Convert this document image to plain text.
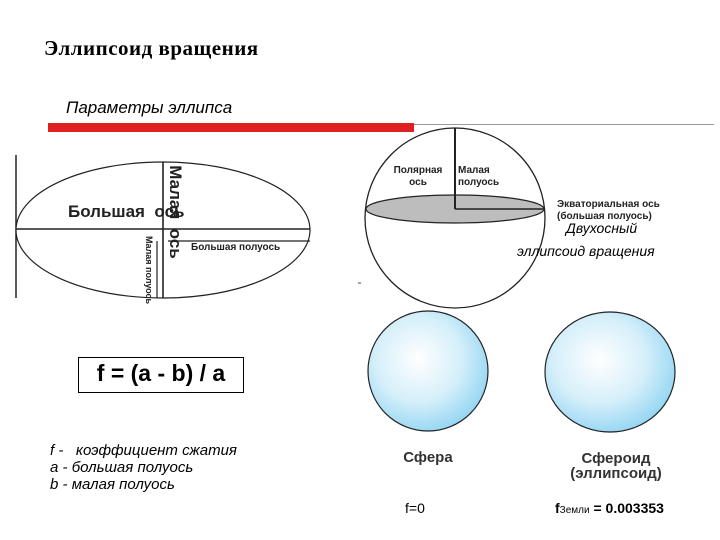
Эллипсоид вращения
Параметры эллипса
Большая  ось
Малая  ось Большая полуось
Малая полуось
Полярная
ось
Малая
полуось
Экваториальная ось
(большая полуось)
Двухосный
эллипсоид вращения
f = (a - b) / a
f - коэффициент сжатия
a - большая полуось
b - малая полуось
Сфера
f=0
Сфероид
(эллипсоид)
fЗемли = 0.003353
